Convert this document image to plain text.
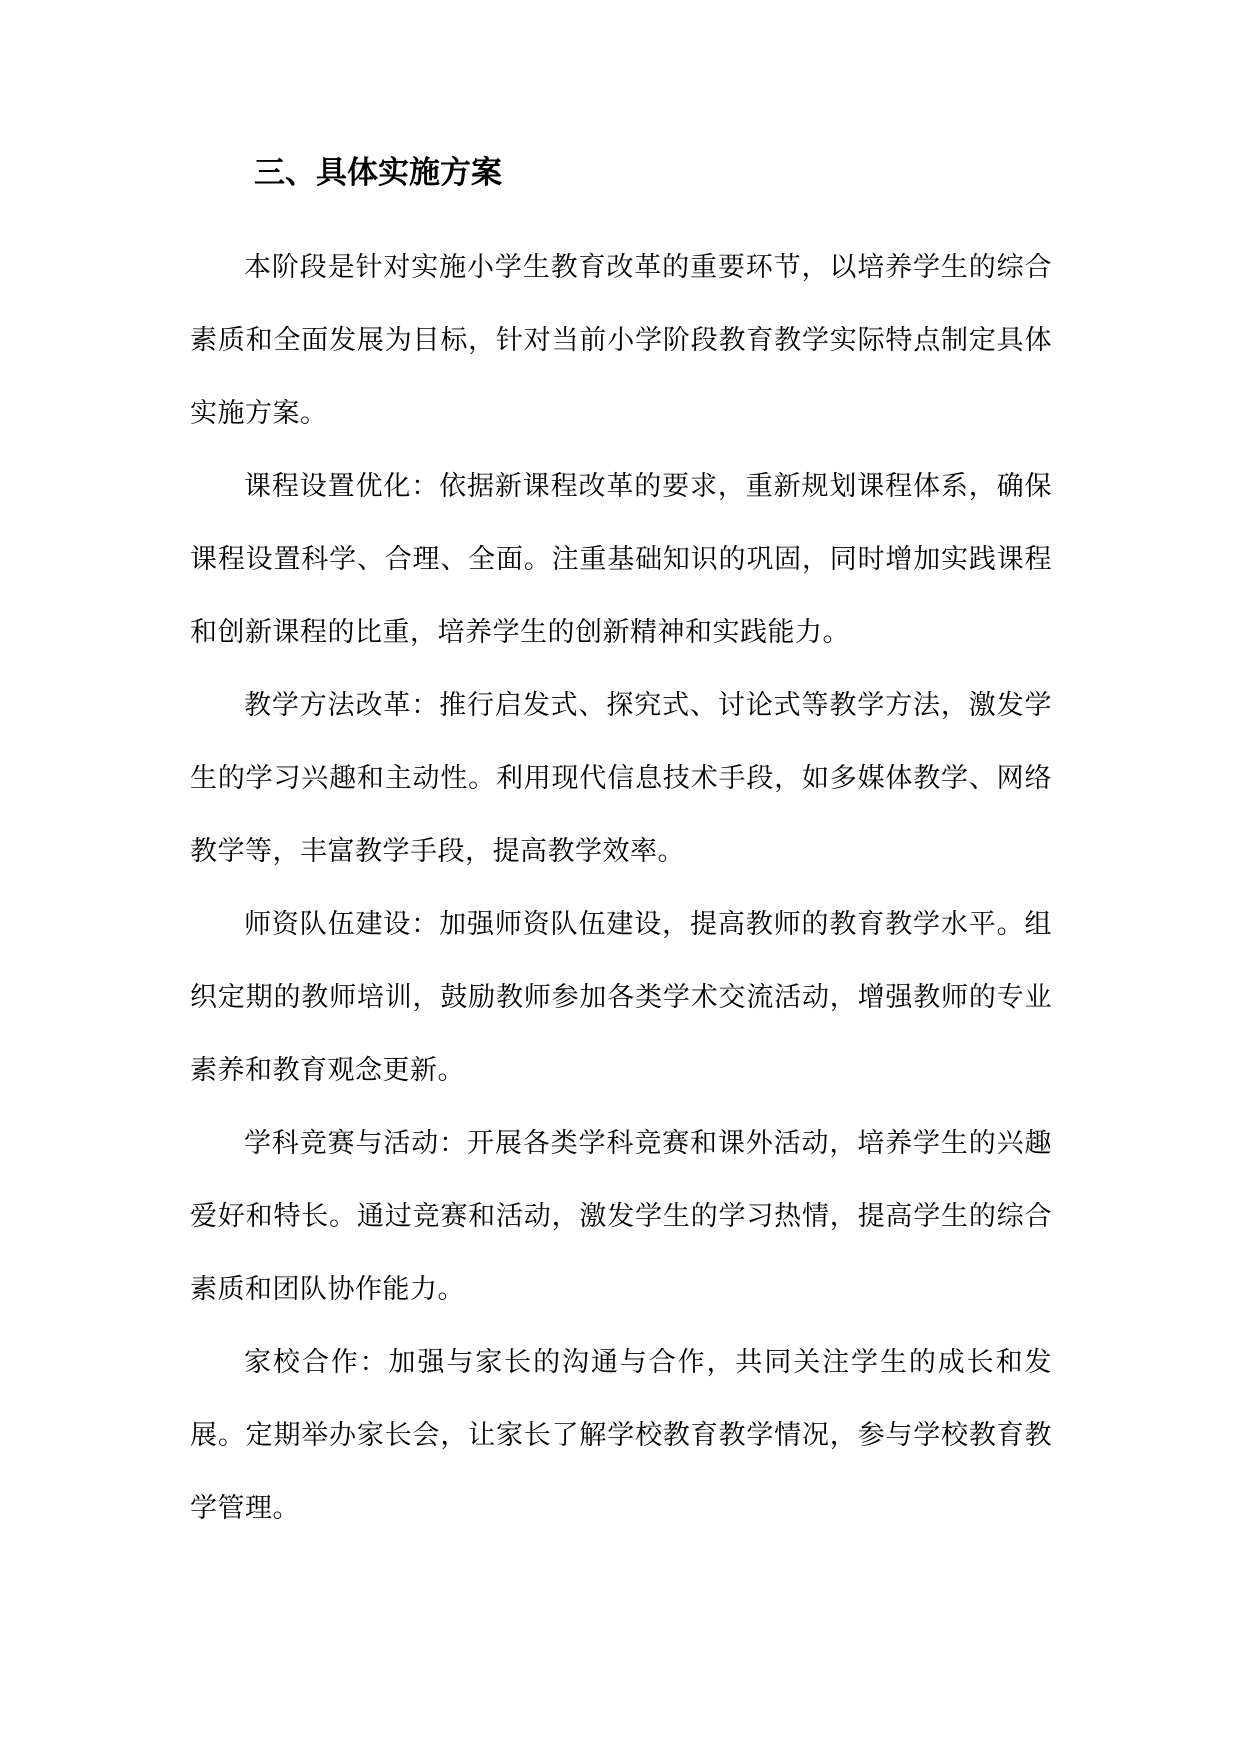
三、具体实施方案

本阶段是针对实施小学生教育改革的重要环节，以培养学生的综合素质和全面发展为目标，针对当前小学阶段教育教学实际特点制定具体实施方案。

课程设置优化：依据新课程改革的要求，重新规划课程体系，确保课程设置科学、合理、全面。注重基础知识的巩固，同时增加实践课程和创新课程的比重，培养学生的创新精神和实践能力。

教学方法改革：推行启发式、探究式、讨论式等教学方法，激发学生的学习兴趣和主动性。利用现代信息技术手段，如多媒体教学、网络教学等，丰富教学手段，提高教学效率。

师资队伍建设：加强师资队伍建设，提高教师的教育教学水平。组织定期的教师培训，鼓励教师参加各类学术交流活动，增强教师的专业素养和教育观念更新。

学科竞赛与活动：开展各类学科竞赛和课外活动，培养学生的兴趣爱好和特长。通过竞赛和活动，激发学生的学习热情，提高学生的综合素质和团队协作能力。

家校合作：加强与家长的沟通与合作，共同关注学生的成长和发展。定期举办家长会，让家长了解学校教育教学情况，参与学校教育教学管理。
